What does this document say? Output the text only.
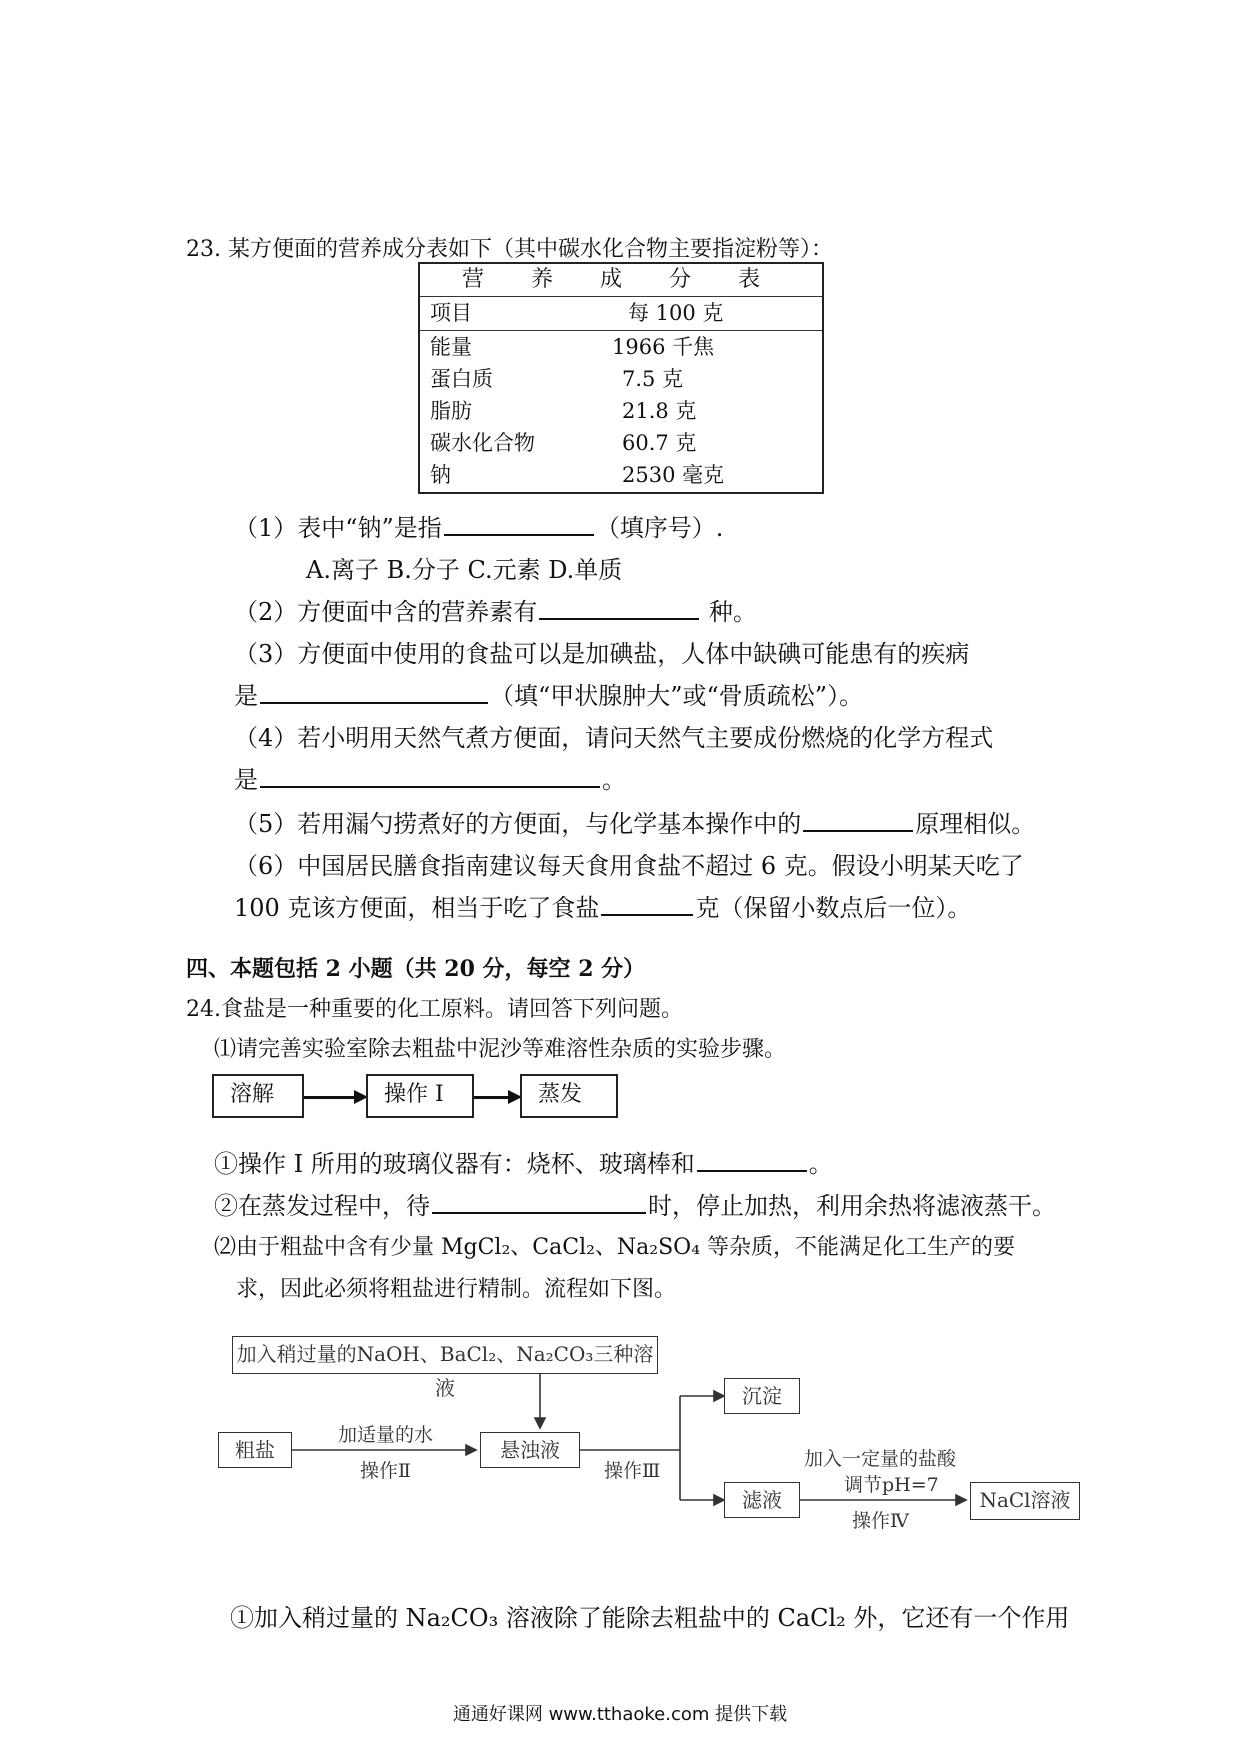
23. 某方便面的营养成分表如下（其中碳水化合物主要指淀粉等）：
营 养 成 分 表
项目	每 100 克
能量	1966 千焦
蛋白质	7.5 克
脂肪	21.8 克
碳水化合物	60.7 克
钠	2530 毫克
（1）表中“钠”是指	（填序号）.
A.离子 B.分子 C.元素 D.单质
（2）方便面中含的营养素有	种。
（3）方便面中使用的食盐可以是加碘盐，人体中缺碘可能患有的疾病
是	（填“甲状腺肿大”或“骨质疏松”）。
（4）若小明用天然气煮方便面，请问天然气主要成份燃烧的化学方程式
是	。
（5）若用漏勺捞煮好的方便面，与化学基本操作中的	原理相似。
（6）中国居民膳食指南建议每天食用食盐不超过 6 克。假设小明某天吃了
100 克该方便面，相当于吃了食盐	克（保留小数点后一位）。
四、本题包括 2 小题（共 20 分，每空 2 分）
24.食盐是一种重要的化工原料。请回答下列问题。
⑴请完善实验室除去粗盐中泥沙等难溶性杂质的实验步骤。
溶解	操作 I	蒸发
①操作 I 所用的玻璃仪器有：烧杯、玻璃棒和	。
②在蒸发过程中，待	时，停止加热，利用余热将滤液蒸干。
⑵由于粗盐中含有少量 MgCl₂、CaCl₂、Na₂SO₄ 等杂质，不能满足化工生产的要
求，因此必须将粗盐进行精制。流程如下图。
加入稍过量的NaOH、BaCl₂、Na₂CO₃三种溶液
粗盐
加适量的水
操作Ⅱ
悬浊液
操作Ⅲ
沉淀
滤液
加入一定量的盐酸
调节pH=7
操作Ⅳ
NaCl溶液
①加入稍过量的 Na₂CO₃ 溶液除了能除去粗盐中的 CaCl₂ 外，它还有一个作用
通通好课网 www.tthaoke.com 提供下载
